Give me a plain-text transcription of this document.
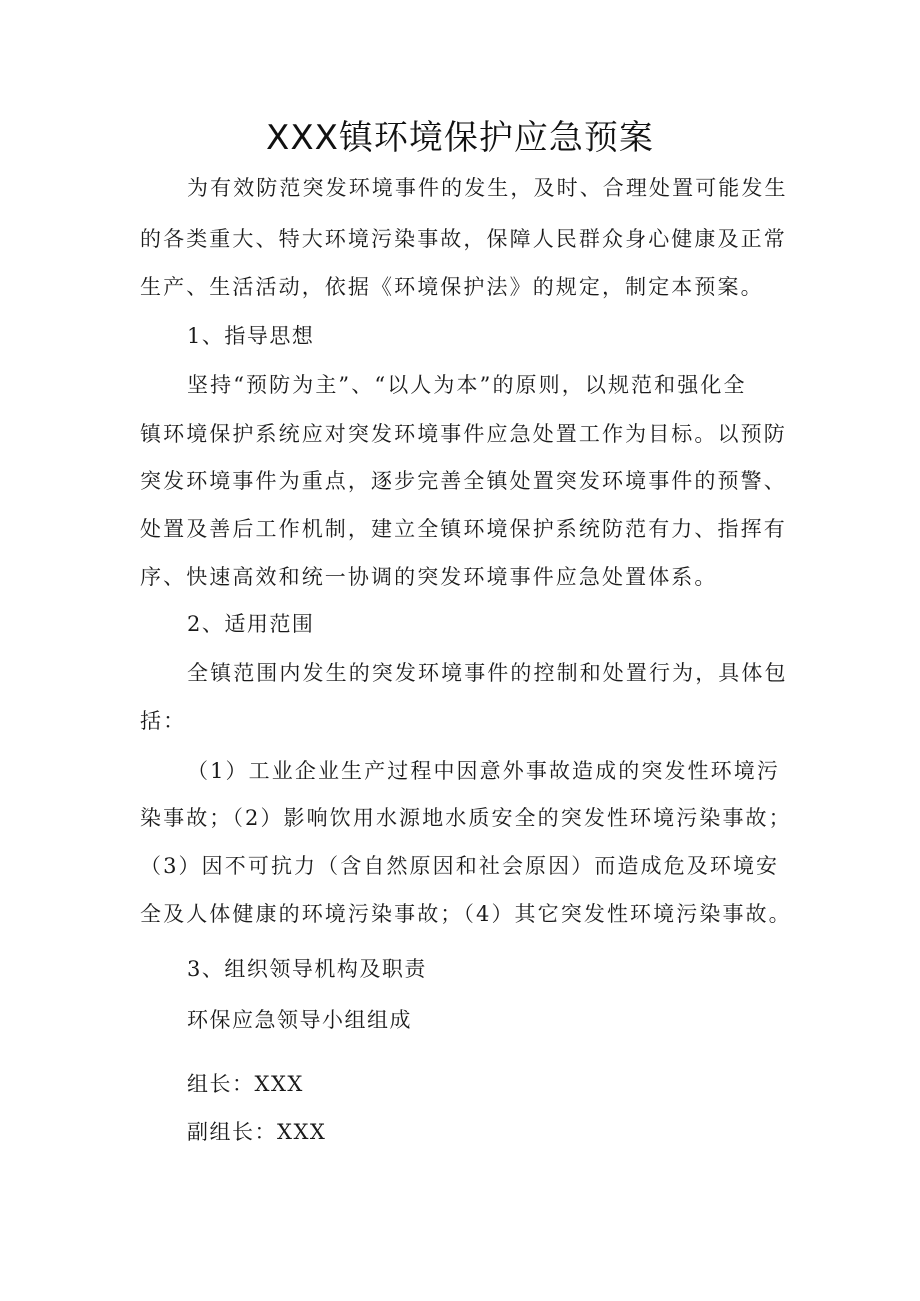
XXX镇环境保护应急预案
为有效防范突发环境事件的发生，及时、合理处置可能发生
的各类重大、特大环境污染事故，保障人民群众身心健康及正常
生产、生活活动，依据《环境保护法》的规定，制定本预案。
1、指导思想
坚持“预防为主”、“以人为本”的原则，以规范和强化全
镇环境保护系统应对突发环境事件应急处置工作为目标。以预防
突发环境事件为重点，逐步完善全镇处置突发环境事件的预警、
处置及善后工作机制，建立全镇环境保护系统防范有力、指挥有
序、快速高效和统一协调的突发环境事件应急处置体系。
2、适用范围
全镇范围内发生的突发环境事件的控制和处置行为，具体包
括：
（1）工业企业生产过程中因意外事故造成的突发性环境污
染事故；（2）影响饮用水源地水质安全的突发性环境污染事故；
（3）因不可抗力（含自然原因和社会原因）而造成危及环境安
全及人体健康的环境污染事故；（4）其它突发性环境污染事故。
3、组织领导机构及职责
环保应急领导小组组成
组长：XXX
副组长：XXX
